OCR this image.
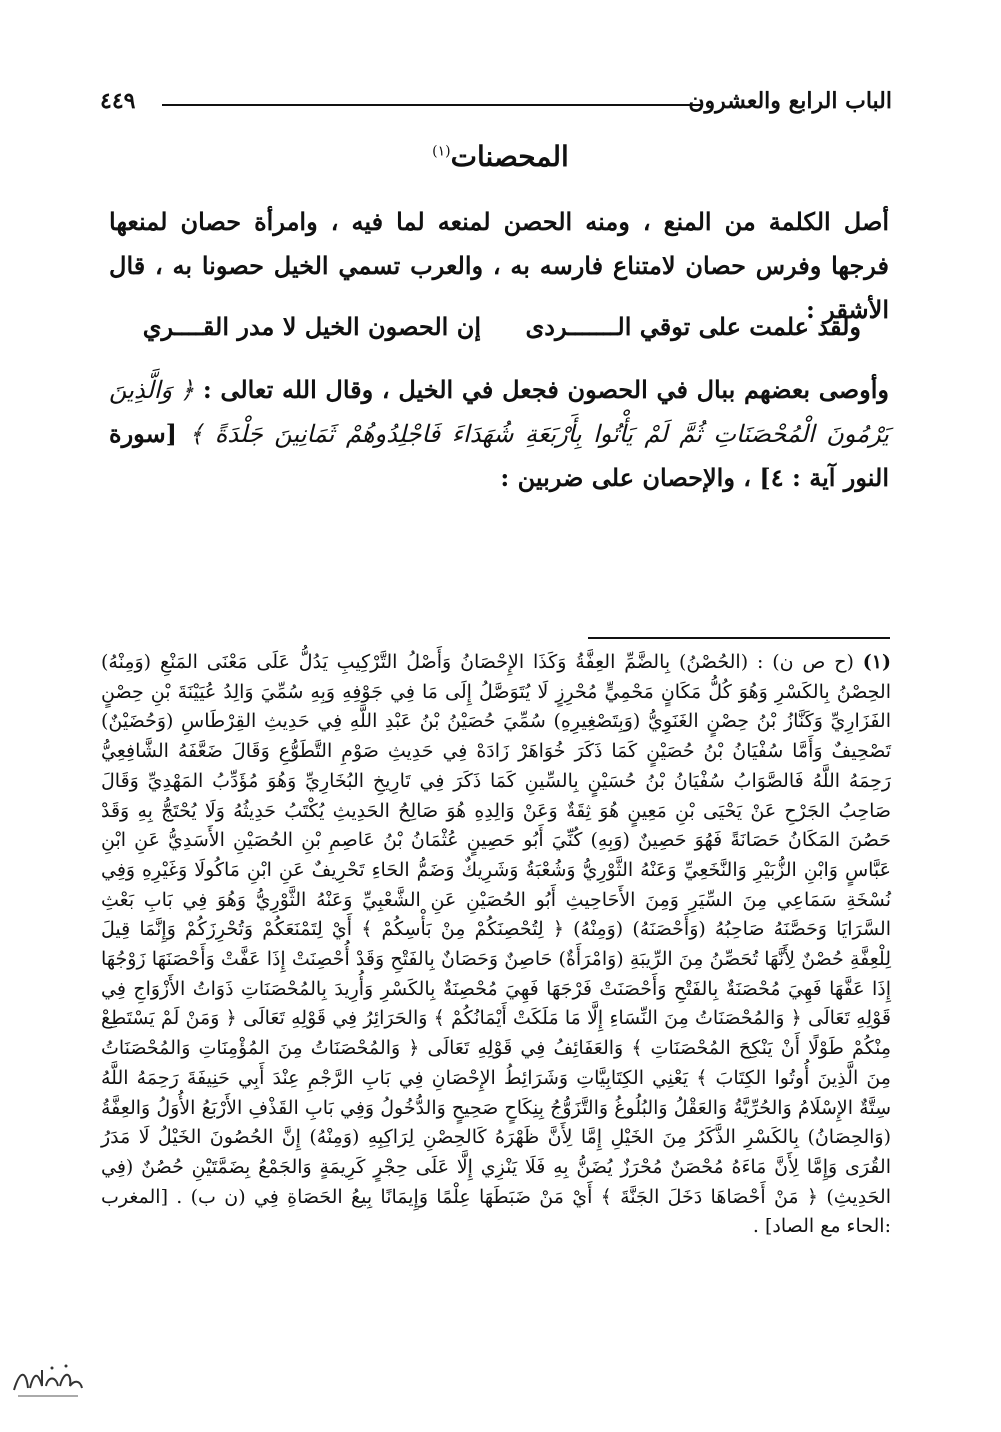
الباب الرابع والعشرون
٤٤٩
المحصنات$^{(١)}$
أصل الكلمة من المنع ، ومنه الحصن لمنعه لما فيه ، وامرأة حصان لمنعها فرجها وفرس حصان لامتناع فارسه به ، والعرب تسمي الخيل حصونا به ، قال الأشقر :
ولقد علمت على توقي الـــــــردى
إن الحصون الخيل لا مدر القــــري
وأوصى بعضهم ببال في الحصون فجعل في الخيل ، وقال الله تعالى : ﴿ وَالَّذِينَ يَرْمُونَ الْمُحْصَنَاتِ ثُمَّ لَمْ يَأْتُوا بِأَرْبَعَةِ شُهَدَاءَ فَاجْلِدُوهُمْ ثَمَانِينَ جَلْدَةً ﴾ [سورة النور آية : ٤] ، والإحصان على ضربين :
(١) (ح ص ن) : (الحُصْنُ) بِالضَّمِّ العِفَّةُ وَكَذَا الإِحْصَانُ وَأَصْلُ التَّرْكِيبِ يَدُلُّ عَلَى مَعْنَى المَنْعِ (وَمِنْهُ) الحِصْنُ بِالكَسْرِ وَهُوَ كُلُّ مَكَانٍ مَحْمِيٍّ مُحْرِزٍ لَا يُتَوَصَّلُ إِلَى مَا فِي جَوْفِهِ وَبِهِ سُمِّيَ وَالِدُ عُيَيْنَةَ بْنِ حِصْنٍ الفَزَارِيِّ وَكَنَّازُ بْنُ حِصْنٍ الغَنَوِيُّ (وَبِتَصْغِيرِهِ) سُمِّيَ حُصَيْنُ بْنُ عَبْدِ اللَّهِ فِي حَدِيثِ القِرْطَاسِ (وَحُضَيْنٌ) تَصْحِيفٌ وَأَمَّا سُفْيَانُ بْنُ حُصَيْنٍ كَمَا ذَكَرَ خُوَاهَرْ زَادَهْ فِي حَدِيثِ صَوْمِ التَّطَوُّعِ وَقَالَ ضَعَّفَهُ الشَّافِعِيُّ رَحِمَهُ اللَّهُ فَالصَّوَابُ سُفْيَانُ بْنُ حُسَيْنٍ بِالسِّينِ كَمَا ذَكَرَ فِي تَارِيخِ البُخَارِيِّ وَهُوَ مُؤَدِّبُ المَهْدِيِّ وَقَالَ صَاحِبُ الجَرْحِ عَنْ يَحْيَى بْنِ مَعِينٍ هُوَ ثِقَةٌ وَعَنْ وَالِدِهِ هُوَ صَالِحُ الحَدِيثِ يُكْتَبُ حَدِيثُهُ وَلَا يُحْتَجُّ بِهِ وَقَدْ حَصُنَ المَكَانُ حَصَانَةً فَهُوَ حَصِينٌ (وَبِهِ) كُنِّيَ أَبُو حَصِينٍ عُثْمَانُ بْنُ عَاصِمِ بْنِ الحُصَيْنِ الأَسَدِيُّ عَنِ ابْنِ عَبَّاسٍ وَابْنِ الزُّبَيْرِ وَالنَّخَعِيِّ وَعَنْهُ الثَّوْرِيُّ وَشُعْبَةُ وَشَرِيكٌ وَضَمُّ الحَاءِ تَحْرِيفٌ عَنِ ابْنِ مَاكُولَا وَغَيْرِهِ وَفِي نُسْخَةِ سَمَاعِي مِنَ السِّيَرِ وَمِنَ الأَحَاحِيثِ أَبُو الحُصَيْنِ عَنِ الشَّعْبِيِّ وَعَنْهُ الثَّوْرِيُّ وَهُوَ فِي بَابِ بَعْثِ السَّرَايَا وَحَصَّنَهُ صَاحِبُهُ (وَأَحْصَنَهُ) (وَمِنْهُ) ﴿ لِتُحْصِنَكُمْ مِنْ بَأْسِكُمْ ﴾ أَيْ لِتَمْنَعَكُمْ وَتُحْرِزَكُمْ وَإِنَّمَا قِيلَ لِلْعِفَّةِ حُصْنٌ لِأَنَّهَا تُحَصِّنُ مِنَ الرِّيبَةِ (وَامْرَأَةٌ) حَاصِنٌ وَحَصَانٌ بِالفَتْحِ وَقَدْ أُحْصِنَتْ إِذَا عَفَّتْ وَأَحْصَنَهَا زَوْجُهَا إِذَا عَفَّهَا فَهِيَ مُحْصَنَةٌ بِالفَتْحِ وَأَحْصَنَتْ فَرْجَهَا فَهِيَ مُحْصِنَةٌ بِالكَسْرِ وَأُرِيدَ بِالمُحْصَنَاتِ ذَوَاتُ الأَزْوَاجِ فِي قَوْلِهِ تَعَالَى ﴿ وَالمُحْصَنَاتُ مِنَ النِّسَاءِ إِلَّا مَا مَلَكَتْ أَيْمَانُكُمْ ﴾ وَالحَرَائِرُ فِي قَوْلِهِ تَعَالَى ﴿ وَمَنْ لَمْ يَسْتَطِعْ مِنْكُمْ طَوْلًا أَنْ يَنْكِحَ المُحْصَنَاتِ ﴾ وَالعَفَائِفُ فِي قَوْلِهِ تَعَالَى ﴿ وَالمُحْصَنَاتُ مِنَ المُؤْمِنَاتِ وَالمُحْصَنَاتُ مِنَ الَّذِينَ أُوتُوا الكِتَابَ ﴾ يَعْنِي الكِتَابِيَّاتِ وَشَرَائِطُ الإِحْصَانِ فِي بَابِ الرَّجْمِ عِنْدَ أَبِي حَنِيفَةَ رَحِمَهُ اللَّهُ سِتَّةٌ الإِسْلَامُ وَالحُرِّيَّةُ وَالعَقْلُ وَالبُلُوغُ وَالتَّزَوُّجُ بِنِكَاحٍ صَحِيحٍ وَالدُّخُولُ وَفِي بَابِ القَذْفِ الأَرْبَعُ الأُوَلُ وَالعِفَّةُ (وَالحِصَانُ) بِالكَسْرِ الذَّكَرُ مِنَ الخَيْلِ إِمَّا لِأَنَّ ظَهْرَهُ كَالحِصْنِ لِرَاكِبِهِ (وَمِنْهُ) إِنَّ الحُصُونَ الخَيْلُ لَا مَدَرُ القُرَى وَإِمَّا لِأَنَّ مَاءَهُ مُحْصَنٌ مُحْرَزٌ يُضَنُّ بِهِ فَلَا يَنْزِي إِلَّا عَلَى حِجْرٍ كَرِيمَةٍ وَالجَمْعُ بِضَمَّتَيْنِ حُصُنٌ (فِي الحَدِيثِ) ﴿ مَنْ أَحْصَاهَا دَخَلَ الجَنَّةَ ﴾ أَيْ مَنْ ضَبَطَهَا عِلْمًا وَإِيمَانًا بِيعُ الحَصَاةِ فِي (ن ب) . [المغرب :الحاء مع الصاد] .
